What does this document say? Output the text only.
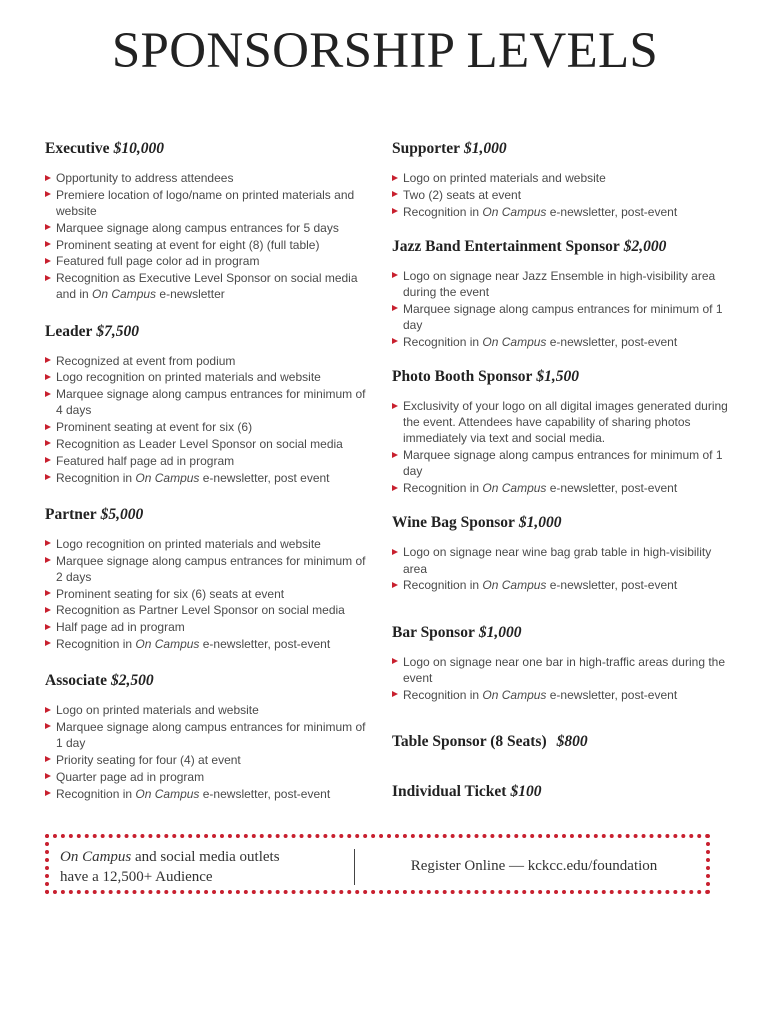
SPONSORSHIP LEVELS
Executive $10,000
Opportunity to address attendees
Premiere location of logo/name on printed materials and website
Marquee signage along campus entrances for 5 days
Prominent seating at event for eight (8) (full table)
Featured full page color ad in program
Recognition as Executive Level Sponsor on social media and in On Campus e-newsletter
Leader $7,500
Recognized at event from podium
Logo recognition on printed materials and website
Marquee signage along campus entrances for minimum of 4 days
Prominent seating at event for six (6)
Recognition as Leader Level Sponsor on social media
Featured half page ad in program
Recognition in On Campus e-newsletter, post event
Partner $5,000
Logo recognition on printed materials and website
Marquee signage along campus entrances for minimum of 2 days
Prominent seating for six (6) seats at event
Recognition as Partner Level Sponsor on social media
Half page ad in program
Recognition in On Campus e-newsletter, post-event
Associate $2,500
Logo on printed materials and website
Marquee signage along campus entrances for minimum of 1 day
Priority seating for four (4) at event
Quarter page ad in program
Recognition in On Campus e-newsletter, post-event
Supporter $1,000
Logo on printed materials and website
Two (2) seats at event
Recognition in On Campus e-newsletter, post-event
Jazz Band Entertainment Sponsor $2,000
Logo on signage near Jazz Ensemble in high-visibility area during the event
Marquee signage along campus entrances for minimum of 1 day
Recognition in On Campus e-newsletter, post-event
Photo Booth Sponsor $1,500
Exclusivity of your logo on all digital images generated during the event. Attendees have capability of sharing photos immediately via text and social media.
Marquee signage along campus entrances for minimum of 1 day
Recognition in On Campus e-newsletter, post-event
Wine Bag Sponsor $1,000
Logo on signage near wine bag grab table in high-visibility area
Recognition in On Campus e-newsletter, post-event
Bar Sponsor $1,000
Logo on signage near one bar in high-traffic areas during the event
Recognition in On Campus e-newsletter, post-event
Table Sponsor (8 Seats) $800
Individual Ticket $100
On Campus and social media outlets
have a 12,500+ Audience
Register Online — kckcc.edu/foundation
